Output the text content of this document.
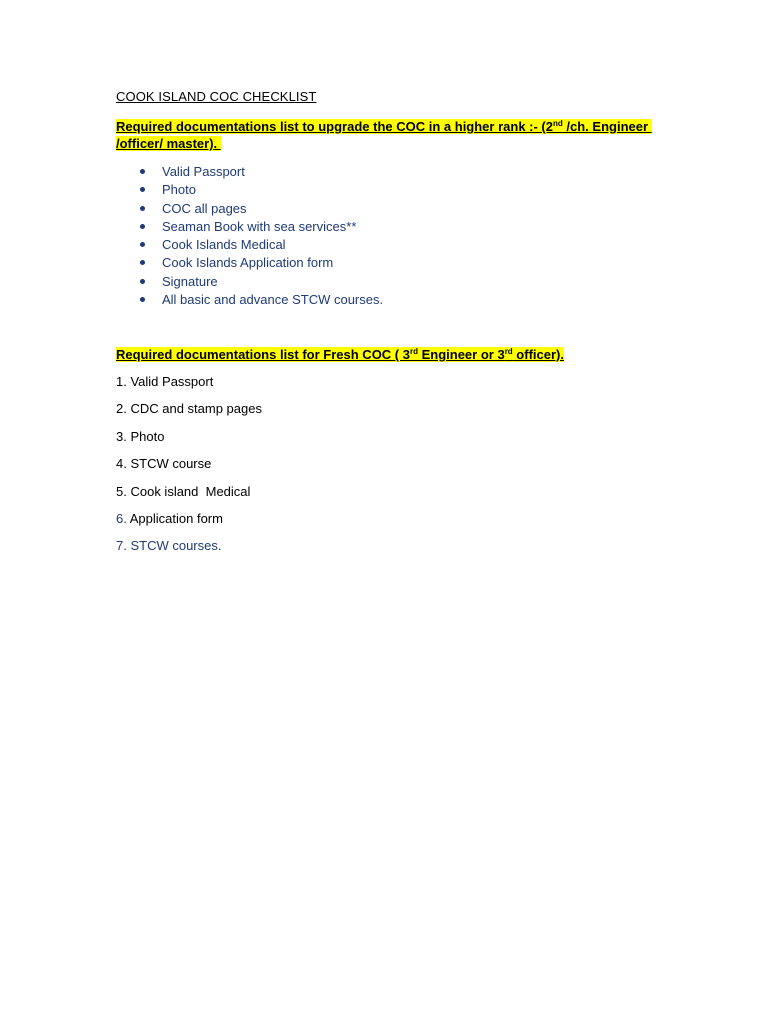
COOK ISLAND COC CHECKLIST
Required documentations list to upgrade the COC in a higher rank :- (2nd /ch. Engineer
/officer/ master).
Valid Passport
Photo
COC all pages
Seaman Book with sea services**
Cook Islands Medical
Cook Islands Application form
Signature
All basic and advance STCW courses.
Required documentations list for Fresh COC ( 3rd Engineer or 3rd officer).
1. Valid Passport
2. CDC and stamp pages
3. Photo
4. STCW course
5. Cook island  Medical
6. Application form
7. STCW courses.
